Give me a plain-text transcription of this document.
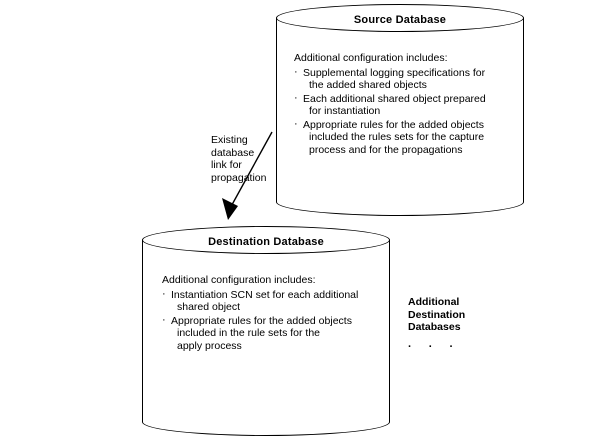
Source Database

Additional configuration includes:

· Supplemental logging specifications for
the added shared objects
· Each additional shared object prepared
for instantiation
· Appropriate rules for the added objects
included the rules sets for the capture
process and for the propagations
Existing
database
link for
propagation
Destination Database

Additional configuration includes:

· Instantiation SCN set for each additional
shared object
· Appropriate rules for the added objects
included in the rule sets for the
apply process
Additional
Destination
Databases
· · ·
